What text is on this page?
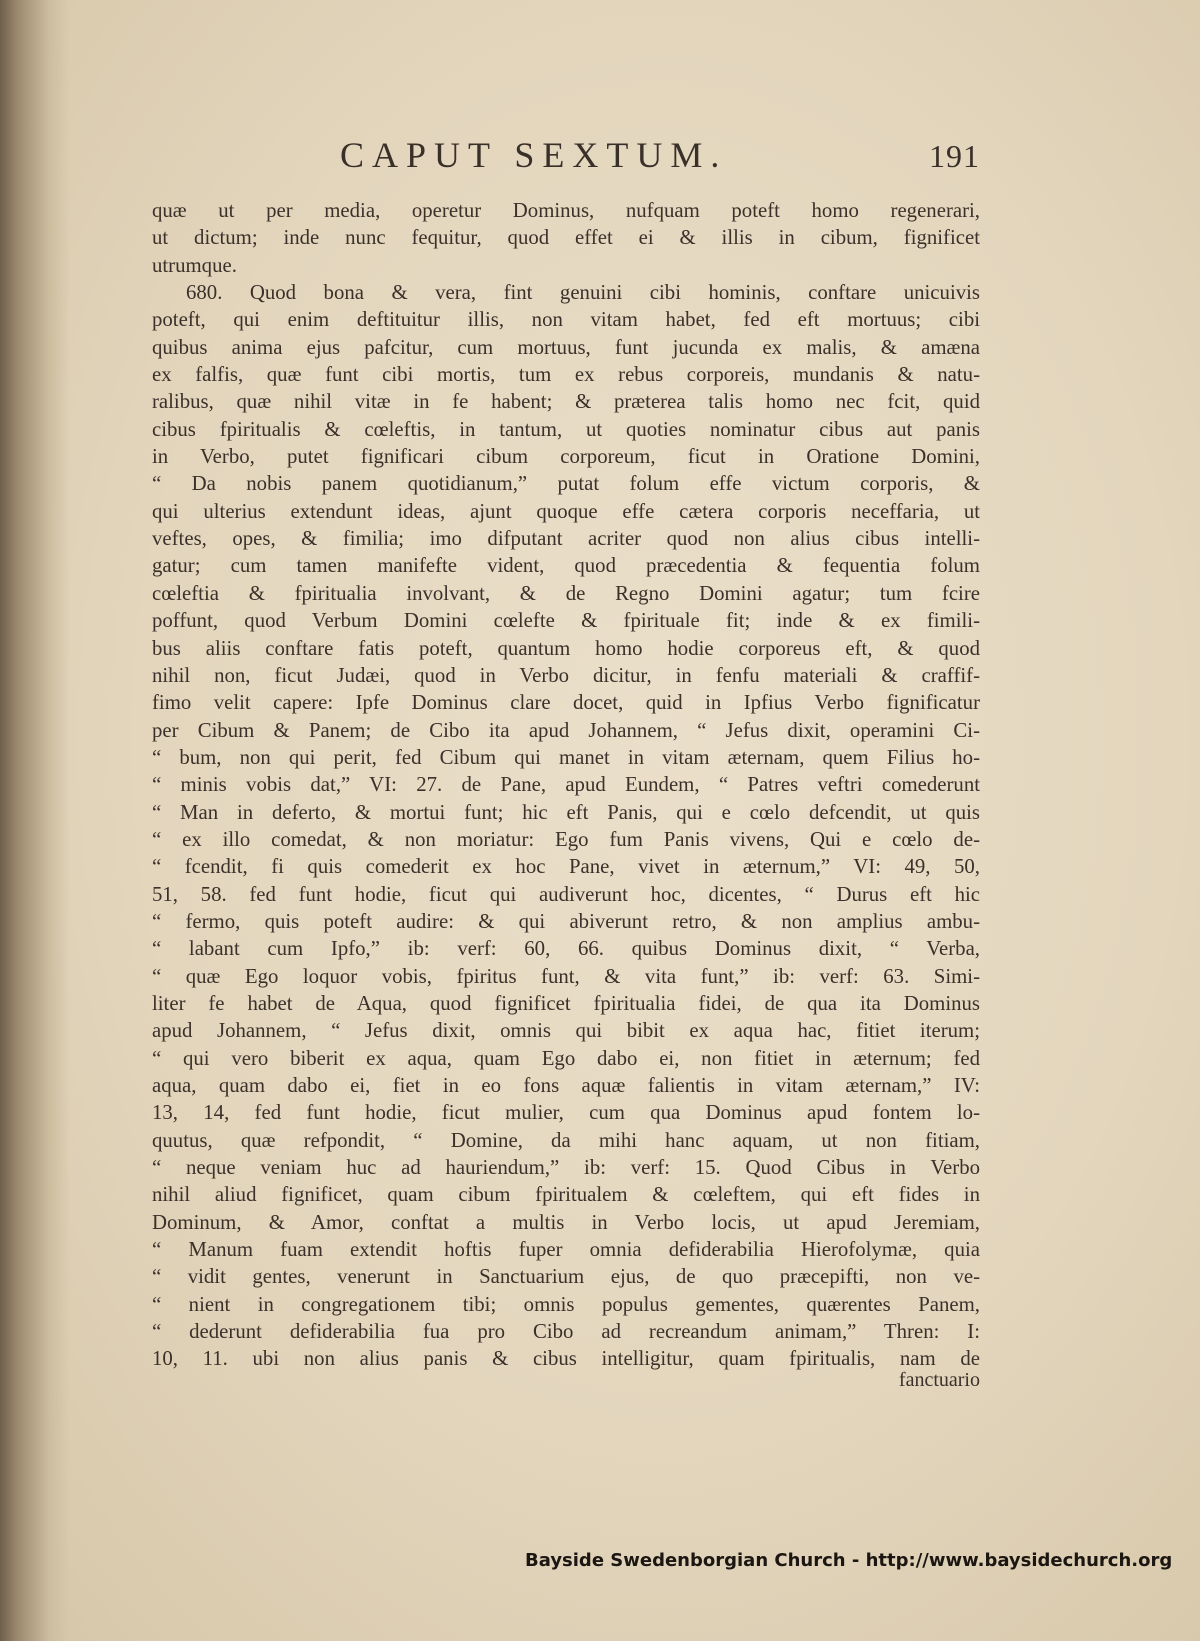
CAPUT SEXTUM.	191
quæ ut per media, operetur Dominus, nufquam poteft homo regenerari,
ut dictum; inde nunc fequitur, quod effet ei & illis in cibum, fignificet
utrumque.
680. Quod bona & vera, fint genuini cibi hominis, conftare unicuivis
poteft, qui enim deftituitur illis, non vitam habet, fed eft mortuus; cibi
quibus anima ejus pafcitur, cum mortuus, funt jucunda ex malis, & amæna
ex falfis, quæ funt cibi mortis, tum ex rebus corporeis, mundanis & natu-
ralibus, quæ nihil vitæ in fe habent; & præterea talis homo nec fcit, quid
cibus fpiritualis & cœleftis, in tantum, ut quoties nominatur cibus aut panis
in Verbo, putet fignificari cibum corporeum, ficut in Oratione Domini,
“ Da nobis panem quotidianum,” putat folum effe victum corporis, &
qui ulterius extendunt ideas, ajunt quoque effe cætera corporis neceffaria, ut
veftes, opes, & fimilia; imo difputant acriter quod non alius cibus intelli-
gatur; cum tamen manifefte vident, quod præcedentia & fequentia folum
cœleftia & fpiritualia involvant, & de Regno Domini agatur; tum fcire
poffunt, quod Verbum Domini cœlefte & fpirituale fit; inde & ex fimili-
bus aliis conftare fatis poteft, quantum homo hodie corporeus eft, & quod
nihil non, ficut Judæi, quod in Verbo dicitur, in fenfu materiali & craffif-
fimo velit capere: Ipfe Dominus clare docet, quid in Ipfius Verbo fignificatur
per Cibum & Panem; de Cibo ita apud Johannem, “ Jefus dixit, operamini Ci-
“ bum, non qui perit, fed Cibum qui manet in vitam æternam, quem Filius ho-
“ minis vobis dat,” VI: 27. de Pane, apud Eundem, “ Patres veftri comederunt
“ Man in deferto, & mortui funt; hic eft Panis, qui e cœlo defcendit, ut quis
“ ex illo comedat, & non moriatur: Ego fum Panis vivens, Qui e cœlo de-
“ fcendit, fi quis comederit ex hoc Pane, vivet in æternum,” VI: 49, 50,
51, 58. fed funt hodie, ficut qui audiverunt hoc, dicentes, “ Durus eft hic
“ fermo, quis poteft audire: & qui abiverunt retro, & non amplius ambu-
“ labant cum Ipfo,” ib: verf: 60, 66. quibus Dominus dixit, “ Verba,
“ quæ Ego loquor vobis, fpiritus funt, & vita funt,” ib: verf: 63. Simi-
liter fe habet de Aqua, quod fignificet fpiritualia fidei, de qua ita Dominus
apud Johannem, “ Jefus dixit, omnis qui bibit ex aqua hac, fitiet iterum;
“ qui vero biberit ex aqua, quam Ego dabo ei, non fitiet in æternum; fed
aqua, quam dabo ei, fiet in eo fons aquæ falientis in vitam æternam,” IV:
13, 14, fed funt hodie, ficut mulier, cum qua Dominus apud fontem lo-
quutus, quæ refpondit, “ Domine, da mihi hanc aquam, ut non fitiam,
“ neque veniam huc ad hauriendum,” ib: verf: 15. Quod Cibus in Verbo
nihil aliud fignificet, quam cibum fpiritualem & cœleftem, qui eft fides in
Dominum, & Amor, conftat a multis in Verbo locis, ut apud Jeremiam,
“ Manum fuam extendit hoftis fuper omnia defiderabilia Hierofolymæ, quia
“ vidit gentes, venerunt in Sanctuarium ejus, de quo præcepifti, non ve-
“ nient in congregationem tibi; omnis populus gementes, quærentes Panem,
“ dederunt defiderabilia fua pro Cibo ad recreandum animam,” Thren: I:
10, 11. ubi non alius panis & cibus intelligitur, quam fpiritualis, nam de
fanctuario
Bayside Swedenborgian Church - http://www.baysidechurch.org
